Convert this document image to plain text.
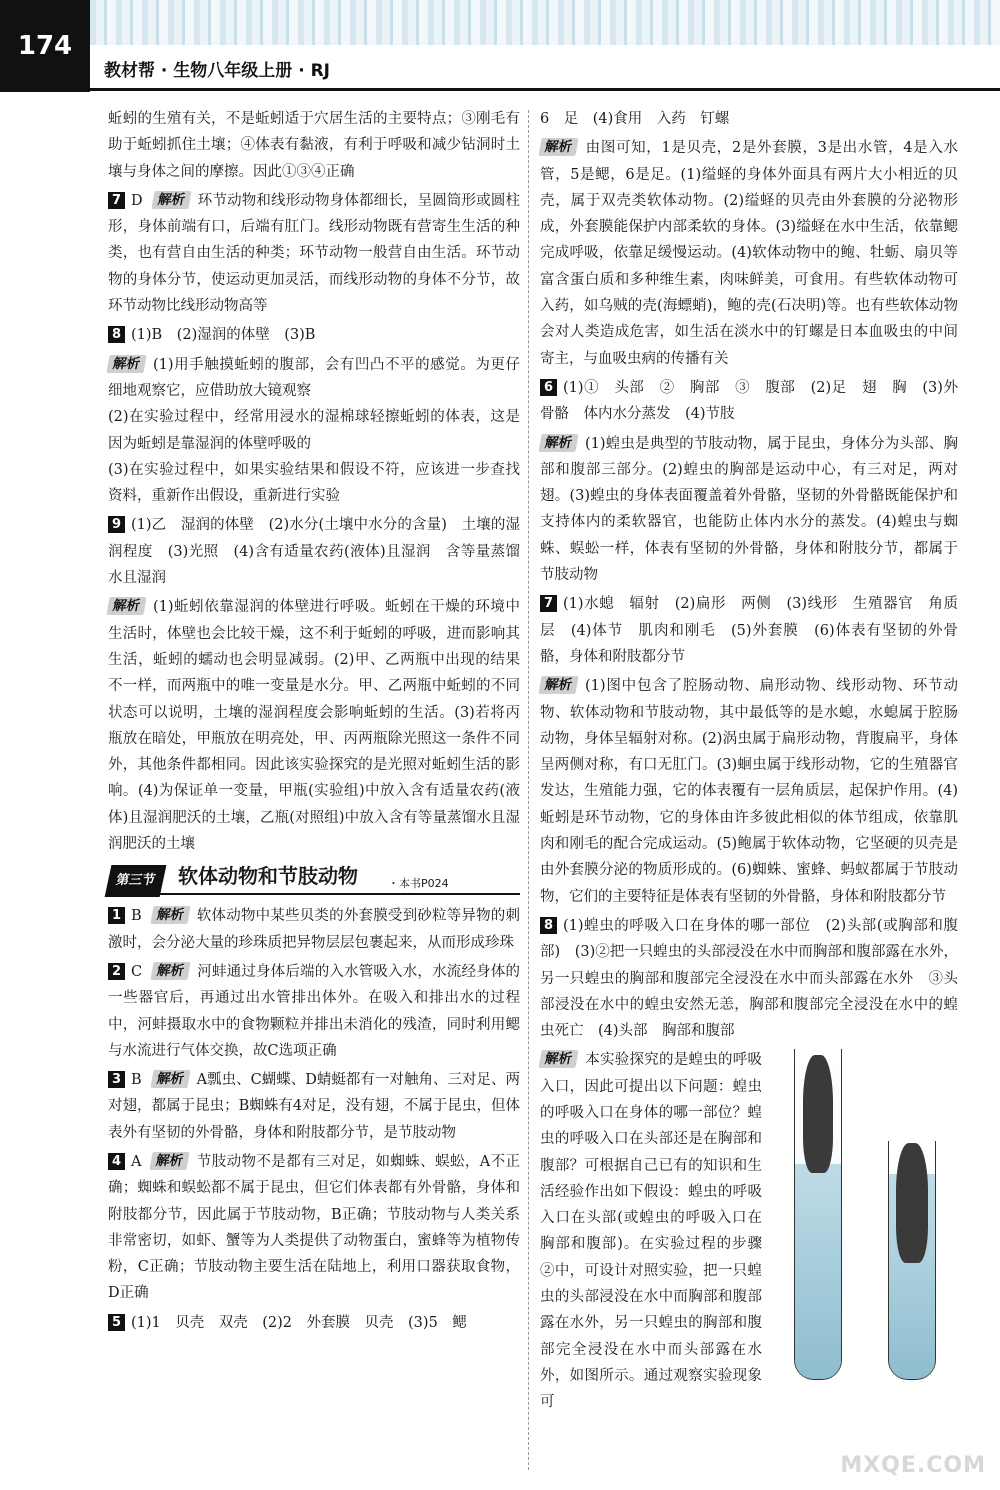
174
教材帮 · 生物八年级上册 · RJ

蚯蚓的生殖有关，不是蚯蚓适于穴居生活的主要特点；③刚毛有助于蚯蚓抓住土壤；④体表有黏液，有利于呼吸和减少钻洞时土壤与身体之间的摩擦。因此①③④正确

7 D 解析 环节动物和线形动物身体都细长，呈圆筒形或圆柱形，身体前端有口，后端有肛门。线形动物既有营寄生生活的种类，也有营自由生活的种类；环节动物一般营自由生活。环节动物的身体分节，使运动更加灵活，而线形动物的身体不分节，故环节动物比线形动物高等

8 (1)B　(2)湿润的体壁　(3)B

解析 (1)用手触摸蚯蚓的腹部，会有凹凸不平的感觉。为更仔细地观察它，应借助放大镜观察
(2)在实验过程中，经常用浸水的湿棉球轻擦蚯蚓的体表，这是因为蚯蚓是靠湿润的体壁呼吸的
(3)在实验过程中，如果实验结果和假设不符，应该进一步查找资料，重新作出假设，重新进行实验

9 (1)乙　湿润的体壁　(2)水分(土壤中水分的含量)　土壤的湿润程度　(3)光照　(4)含有适量农药(液体)且湿润　含等量蒸馏水且湿润

解析 (1)蚯蚓依靠湿润的体壁进行呼吸。蚯蚓在干燥的环境中生活时，体壁也会比较干燥，这不利于蚯蚓的呼吸，进而影响其生活，蚯蚓的蠕动也会明显减弱。(2)甲、乙两瓶中出现的结果不一样，而两瓶中的唯一变量是水分。甲、乙两瓶中蚯蚓的不同状态可以说明，土壤的湿润程度会影响蚯蚓的生活。(3)若将丙瓶放在暗处，甲瓶放在明亮处，甲、丙两瓶除光照这一条件不同外，其他条件都相同。因此该实验探究的是光照对蚯蚓生活的影响。(4)为保证单一变量，甲瓶(实验组)中放入含有适量农药(液体)且湿润肥沃的土壤，乙瓶(对照组)中放入含有等量蒸馏水且湿润肥沃的土壤

第三节	软体动物和节肢动物	・本书P024

1 B 解析 软体动物中某些贝类的外套膜受到砂粒等异物的刺激时，会分泌大量的珍珠质把异物层层包裹起来，从而形成珍珠

2 C 解析 河蚌通过身体后端的入水管吸入水，水流经身体的一些器官后，再通过出水管排出体外。在吸入和排出水的过程中，河蚌摄取水中的食物颗粒并排出未消化的残渣，同时利用鳃与水流进行气体交换，故C选项正确

3 B 解析 A瓢虫、C蝴蝶、D蜻蜓都有一对触角、三对足、两对翅，都属于昆虫；B蜘蛛有4对足，没有翅，不属于昆虫，但体表外有坚韧的外骨骼，身体和附肢都分节，是节肢动物

4 A 解析 节肢动物不是都有三对足，如蜘蛛、蜈蚣，A不正确；蜘蛛和蜈蚣都不属于昆虫，但它们体表都有外骨骼，身体和附肢都分节，因此属于节肢动物，B正确；节肢动物与人类关系非常密切，如虾、蟹等为人类提供了动物蛋白，蜜蜂等为植物传粉，C正确；节肢动物主要生活在陆地上，利用口器获取食物，D正确

5 (1)1　贝壳　双壳　(2)2　外套膜　贝壳　(3)5　鳃

6　足　(4)食用　入药　钉螺

解析 由图可知，1是贝壳，2是外套膜，3是出水管，4是入水管，5是鳃，6是足。(1)缢蛏的身体外面具有两片大小相近的贝壳，属于双壳类软体动物。(2)缢蛏的贝壳由外套膜的分泌物形成，外套膜能保护内部柔软的身体。(3)缢蛏在水中生活，依靠鳃完成呼吸，依靠足缓慢运动。(4)软体动物中的鲍、牡蛎、扇贝等富含蛋白质和多种维生素，肉味鲜美，可食用。有些软体动物可入药，如乌贼的壳(海螵蛸)，鲍的壳(石决明)等。也有些软体动物会对人类造成危害，如生活在淡水中的钉螺是日本血吸虫的中间寄主，与血吸虫病的传播有关

6 (1)①　头部　②　胸部　③　腹部　(2)足　翅　胸　(3)外骨骼　体内水分蒸发　(4)节肢

解析 (1)蝗虫是典型的节肢动物，属于昆虫，身体分为头部、胸部和腹部三部分。(2)蝗虫的胸部是运动中心，有三对足，两对翅。(3)蝗虫的身体表面覆盖着外骨骼，坚韧的外骨骼既能保护和支持体内的柔软器官，也能防止体内水分的蒸发。(4)蝗虫与蜘蛛、蜈蚣一样，体表有坚韧的外骨骼，身体和附肢分节，都属于节肢动物

7 (1)水螅　辐射　(2)扁形　两侧　(3)线形　生殖器官　角质层　(4)体节　肌肉和刚毛　(5)外套膜　(6)体表有坚韧的外骨骼，身体和附肢都分节

解析 (1)图中包含了腔肠动物、扁形动物、线形动物、环节动物、软体动物和节肢动物，其中最低等的是水螅，水螅属于腔肠动物，身体呈辐射对称。(2)涡虫属于扁形动物，背腹扁平，身体呈两侧对称，有口无肛门。(3)蛔虫属于线形动物，它的生殖器官发达，生殖能力强，它的体表覆有一层角质层，起保护作用。(4)蚯蚓是环节动物，它的身体由许多彼此相似的体节组成，依靠肌肉和刚毛的配合完成运动。(5)鲍属于软体动物，它坚硬的贝壳是由外套膜分泌的物质形成的。(6)蜘蛛、蜜蜂、蚂蚁都属于节肢动物，它们的主要特征是体表有坚韧的外骨骼，身体和附肢都分节

8 (1)蝗虫的呼吸入口在身体的哪一部位　(2)头部(或胸部和腹部)　(3)②把一只蝗虫的头部浸没在水中而胸部和腹部露在水外，另一只蝗虫的胸部和腹部完全浸没在水中而头部露在水外　③头部浸没在水中的蝗虫安然无恙，胸部和腹部完全浸没在水中的蝗虫死亡　(4)头部　胸部和腹部

解析 本实验探究的是蝗虫的呼吸入口，因此可提出以下问题：蝗虫的呼吸入口在身体的哪一部位？蝗虫的呼吸入口在头部还是在胸部和腹部？可根据自己已有的知识和生活经验作出如下假设：蝗虫的呼吸入口在头部(或蝗虫的呼吸入口在胸部和腹部)。在实验过程的步骤②中，可设计对照实验，把一只蝗虫的头部浸没在水中而胸部和腹部露在水外，另一只蝗虫的胸部和腹部完全浸没在水中而头部露在水外，如图所示。通过观察实验现象可
MXQE.COM
